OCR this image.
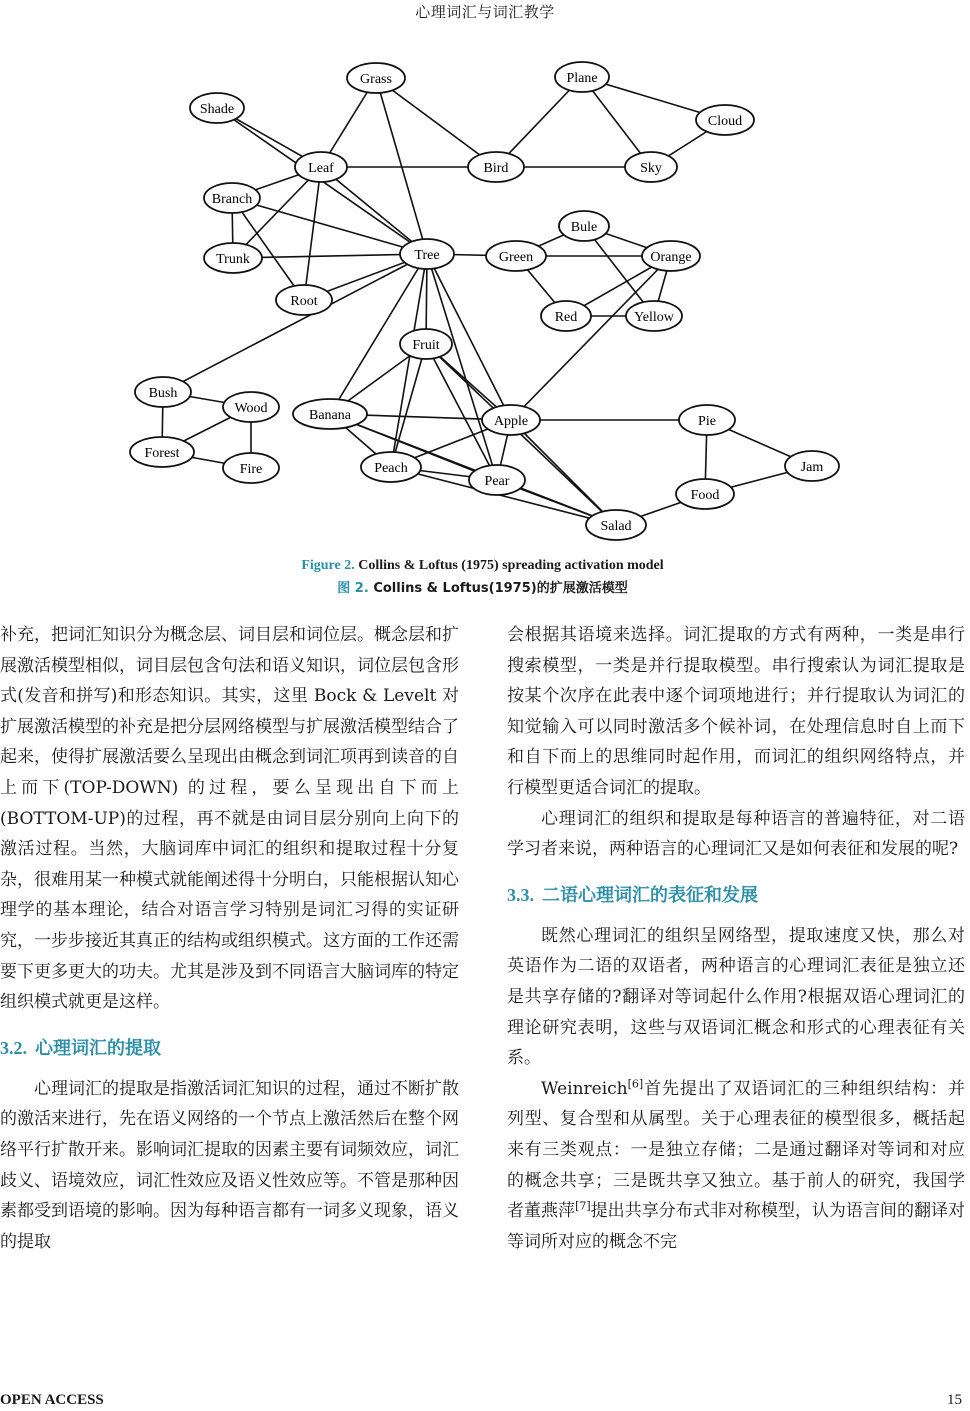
心理词汇与词汇教学
Grass	Plane
Shade
Cloud
Leaf	Bird	Sky
Branch
Bule
Trunk	Tree	Green	Orange
Root
Red	Yellow
Fruit
Bush
Wood	Banana	Apple	Pie
Forest
Fire	Peach
Pear
Jam
Food
Salad
Figure 2. Collins & Loftus (1975) spreading activation model
图 2. Collins & Loftus(1975)的扩展激活模型

补充，把词汇知识分为概念层、词目层和词位层。概念层和扩展激活模型相似，词目层包含句法和语义知识，词位层包含形式(发音和拼写)和形态知识。其实，这里 Bock & Levelt 对扩展激活模型的补充是把分层网络模型与扩展激活模型结合了起来，使得扩展激活要么呈现出由概念到词汇项再到读音的自上而下(TOP-DOWN) 的过程，要么呈现出自下而上(BOTTOM-UP)的过程，再不就是由词目层分别向上向下的激活过程。当然，大脑词库中词汇的组织和提取过程十分复杂，很难用某一种模式就能阐述得十分明白，只能根据认知心理学的基本理论，结合对语言学习特别是词汇习得的实证研究，一步步接近其真正的结构或组织模式。这方面的工作还需要下更多更大的功夫。尤其是涉及到不同语言大脑词库的特定组织模式就更是这样。

3.2. 心理词汇的提取

心理词汇的提取是指激活词汇知识的过程，通过不断扩散的激活来进行，先在语义网络的一个节点上激活然后在整个网络平行扩散开来。影响词汇提取的因素主要有词频效应，词汇歧义、语境效应，词汇性效应及语义性效应等。不管是那种因素都受到语境的影响。因为每种语言都有一词多义现象，语义的提取

会根据其语境来选择。词汇提取的方式有两种，一类是串行搜索模型，一类是并行提取模型。串行搜索认为词汇提取是按某个次序在此表中逐个词项地进行；并行提取认为词汇的知觉输入可以同时激活多个候补词，在处理信息时自上而下和自下而上的思维同时起作用，而词汇的组织网络特点，并行模型更适合词汇的提取。

心理词汇的组织和提取是每种语言的普遍特征，对二语学习者来说，两种语言的心理词汇又是如何表征和发展的呢?

3.3. 二语心理词汇的表征和发展

既然心理词汇的组织呈网络型，提取速度又快，那么对英语作为二语的双语者，两种语言的心理词汇表征是独立还是共享存储的?翻译对等词起什么作用?根据双语心理词汇的理论研究表明，这些与双语词汇概念和形式的心理表征有关系。

Weinreich[6]首先提出了双语词汇的三种组织结构：并列型、复合型和从属型。关于心理表征的模型很多，概括起来有三类观点：一是独立存储；二是通过翻译对等词和对应的概念共享；三是既共享又独立。基于前人的研究，我国学者董燕萍[7]提出共享分布式非对称模型，认为语言间的翻译对等词所对应的概念不完

OPEN ACCESS	15
